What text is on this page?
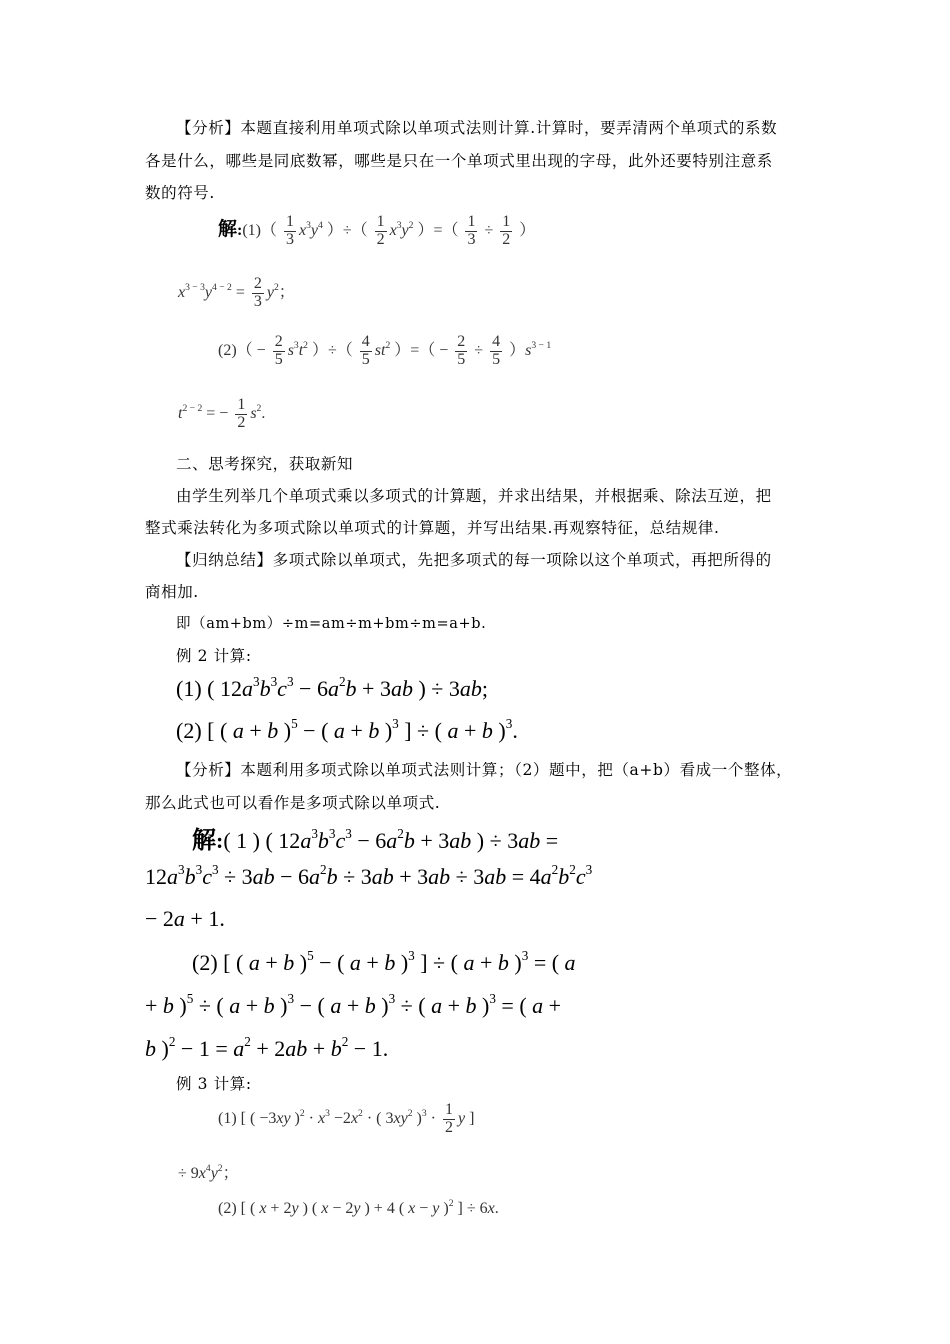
【分析】本题直接利用单项式除以单项式法则计算.计算时，要弄清两个单项式的系数
各是什么，哪些是同底数幂，哪些是只在一个单项式里出现的字母，此外还要特别注意系
数的符号.
解:(1)（ $\frac{1}{3} x^3y^4$ ）÷（ $\frac{1}{2} x^3y^2$ ）=（ $\frac{1}{3} \div \frac{1}{2}$ ）
$x^{3 - 3}y^{4 - 2} = \frac{2}{3} y^2$；
$(2)( - \frac{2}{5} s^3t^2$ ）÷（ $\frac{4}{5} st^2$ ）=（ − $\frac{2}{5} \div \frac{4}{5} )s^{3 - 1}$
$t^{2 - 2}$ = − $\frac{1}{2} s^2$.
二、思考探究，获取新知
由学生列举几个单项式乘以多项式的计算题，并求出结果，并根据乘、除法互逆，把
整式乘法转化为多项式除以单项式的计算题，并写出结果.再观察特征，总结规律.
【归纳总结】多项式除以单项式，先把多项式的每一项除以这个单项式，再把所得的
商相加.
即（am+bm）÷m=am÷m+bm÷m=a+b.
例 2 计算:
(1) ( $12a^3b^3c^3 - 6a^2b + 3ab$ ) ÷ 3ab;
(2) [ ( a + b )$^5$ − ( a + b )$^3$ ] ÷ ( a + b )$^3$.
【分析】本题利用多项式除以单项式法则计算；（2）题中，把（a+b）看成一个整体，
那么此式也可以看作是多项式除以单项式.
解:( 1 ) ( $12a^3b^3c^3 - 6a^2b + 3ab$ ) ÷ 3ab =
$12a^3b^3c^3 \div 3ab - 6a^2b \div 3ab + 3ab \div 3ab = 4a^2b^2c^3$
− 2a + 1.
(2) [ ( a + b )$^5$ − ( a + b )$^3$ ] ÷ ( a + b )$^3$ = ( a
+ b )$^5$ ÷ ( a + b )$^3$ − ( a + b )$^3$ ÷ ( a + b )$^3$ = ( a +
b )$^2 - 1 = a^2 + 2ab + b^2 - 1$.
例 3 计算:
(1) [ ( −3xy )$^2 \cdot x^3 -2x^2$ · ( $3xy^2$ )$^3 \cdot \frac{1}{2}$ y ]
÷ $9x^4y^2$；
(2) [ ( x + 2y ) ( x − 2y ) + 4 ( x − y )$^2$ ] ÷ 6x.
